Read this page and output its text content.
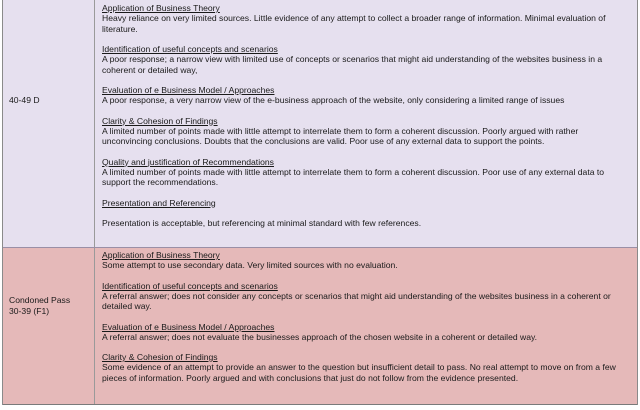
40-49 D
Application of Business Theory
Heavy reliance on very limited sources. Little evidence of any attempt to collect a broader range of information. Minimal evaluation of literature.
Identification of useful concepts and scenarios
A poor response; a narrow view with limited use of concepts or scenarios that might aid understanding of the websites business in a coherent or detailed way,
Evaluation of e Business Model / Approaches
A poor response, a very narrow view of the e-business approach of the website, only considering a limited range of issues
Clarity & Cohesion of Findings
A limited number of points made with little attempt to interrelate them to form a coherent discussion. Poorly argued with rather unconvincing conclusions. Doubts that the conclusions are valid. Poor use of any external data to support the points.
Quality and justification of Recommendations
A limited number of points made with little attempt to interrelate them to form a coherent discussion. Poor use of any external data to support the recommendations.
Presentation and Referencing
Presentation is acceptable, but referencing at minimal standard with few references.
Condoned Pass
30-39 (F1)
Application of Business Theory
Some attempt to use secondary data. Very limited sources with no evaluation.
Identification of useful concepts and scenarios
A referral answer; does not consider any concepts or scenarios that might aid understanding of the websites business in a coherent or detailed way.
Evaluation of e Business Model / Approaches
A referral answer; does not evaluate the businesses approach of the chosen website in a coherent or detailed way.
Clarity & Cohesion of Findings
Some evidence of an attempt to provide an answer to the question but insufficient detail to pass. No real attempt to move on from a few pieces of information. Poorly argued and with conclusions that just do not follow from the evidence presented.
